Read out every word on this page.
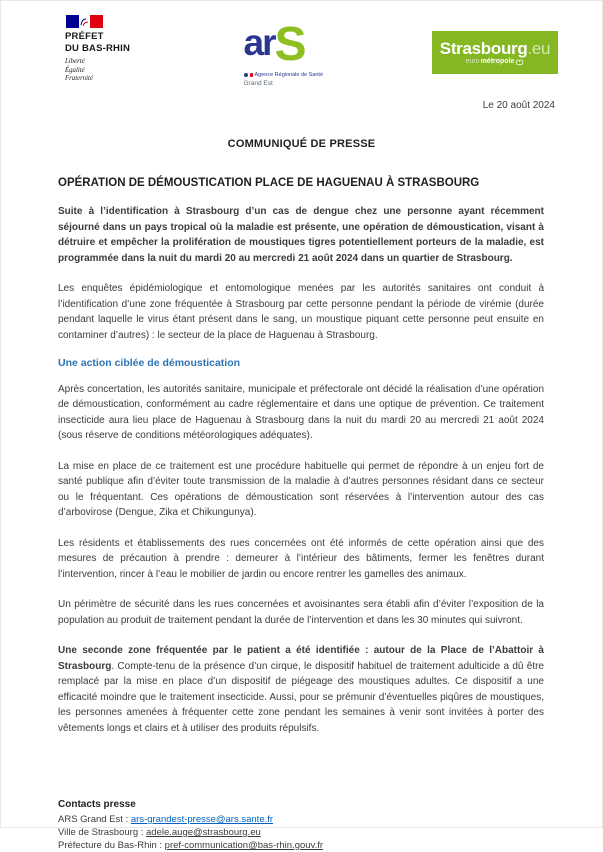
PRÉFET
DU BAS-RHIN
Liberté
Égalité
Fraternité
arS
Agence Régionale de Santé
Grand Est
Strasbourg.eu
euro métropole
Le 20 août 2024
COMMUNIQUÉ DE PRESSE
OPÉRATION DE DÉMOUSTICATION PLACE DE HAGUENAU À STRASBOURG

Suite à l’identification à Strasbourg d’un cas de dengue chez une personne ayant récemment séjourné dans un pays tropical où la maladie est présente, une opération de démoustication, visant à détruire et empêcher la prolifération de moustiques tigres potentiellement porteurs de la maladie, est programmée dans la nuit du mardi 20 au mercredi 21 août 2024 dans un quartier de Strasbourg.

Les enquêtes épidémiologique et entomologique menées par les autorités sanitaires ont conduit à l’identification d’une zone fréquentée à Strasbourg par cette personne pendant la période de virémie (durée pendant laquelle le virus étant présent dans le sang, un moustique piquant cette personne peut ensuite en contaminer d’autres) : le secteur de la place de Haguenau à Strasbourg.

Une action ciblée de démoustication

Après concertation, les autorités sanitaire, municipale et préfectorale ont décidé la réalisation d’une opération de démoustication, conformément au cadre réglementaire et dans une optique de prévention. Ce traitement insecticide aura lieu place de Haguenau à Strasbourg dans la nuit du mardi 20 au mercredi 21 août 2024 (sous réserve de conditions météorologiques adéquates).

La mise en place de ce traitement est une procédure habituelle qui permet de répondre à un enjeu fort de santé publique afin d’éviter toute transmission de la maladie à d’autres personnes résidant dans ce secteur ou le fréquentant. Ces opérations de démoustication sont réservées à l’intervention autour des cas d’arbovirose (Dengue, Zika et Chikungunya).

Les résidents et établissements des rues concernées ont été informés de cette opération ainsi que des mesures de précaution à prendre : demeurer à l’intérieur des bâtiments, fermer les fenêtres durant l’intervention, rincer à l’eau le mobilier de jardin ou encore rentrer les gamelles des animaux.

Un périmètre de sécurité dans les rues concernées et avoisinantes sera établi afin d’éviter l’exposition de la population au produit de traitement pendant la durée de l’intervention et dans les 30 minutes qui suivront.

Une seconde zone fréquentée par le patient a été identifiée : autour de la Place de l’Abattoir à Strasbourg. Compte-tenu de la présence d’un cirque, le dispositif habituel de traitement adulticide a dû être remplacé par la mise en place d’un dispositif de piégeage des moustiques adultes. Ce dispositif a une efficacité moindre que le traitement insecticide. Aussi, pour se prémunir d’éventuelles piqûres de moustiques, les personnes amenées à fréquenter cette zone pendant les semaines à venir sont invitées à porter des vêtements longs et clairs et à utiliser des produits répulsifs.

Contacts presse
ARS Grand Est : ars-grandest-presse@ars.sante.fr
Ville de Strasbourg : adele.auge@strasbourg.eu
Préfecture du Bas-Rhin : pref-communication@bas-rhin.gouv.fr
